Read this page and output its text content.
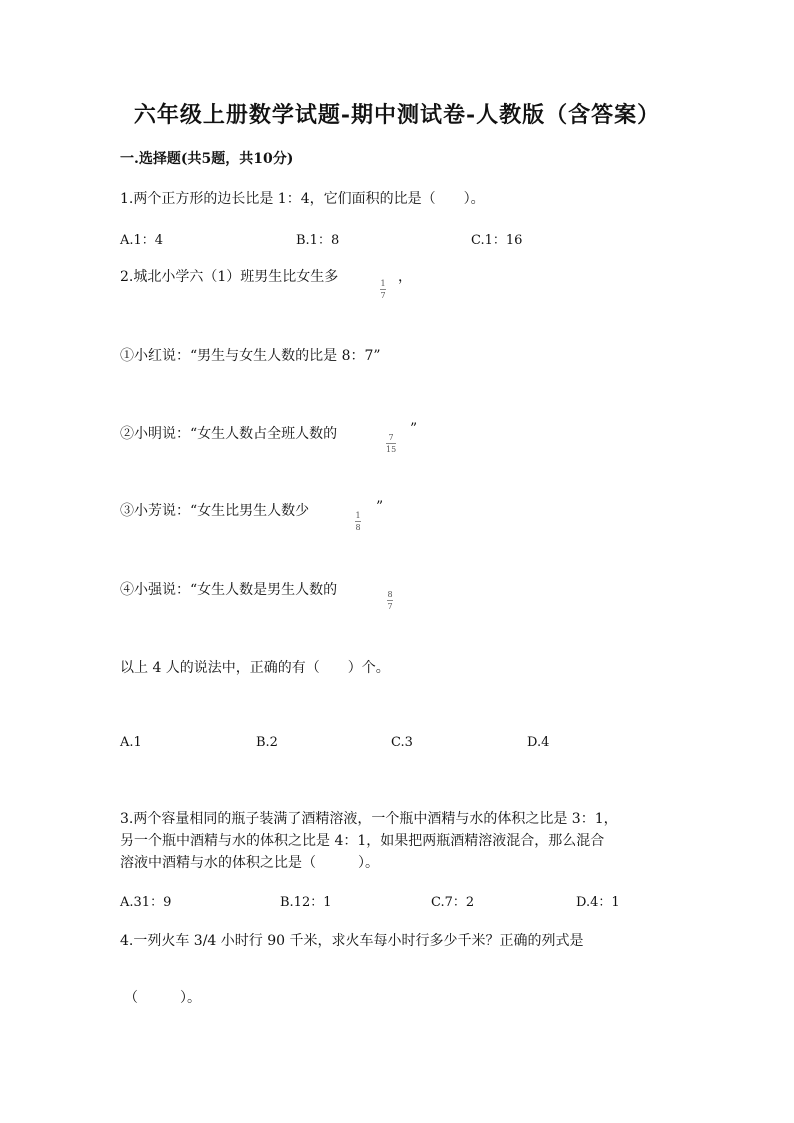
六年级上册数学试题-期中测试卷-人教版（含答案）
一.选择题(共5题，共10分)
1.两个正方形的边长比是 1：4，它们面积的比是（　　）。
A.1：4	B.1：8	C.1：16
2.城北小学六（1）班男生比女生多	1
7
，
①小红说：“男生与女生人数的比是 8：7”
②小明说：“女生人数占全班人数的	7
15
”
③小芳说：“女生比男生人数少	1
8
”
④小强说：“女生人数是男生人数的	8
7
以上 4 人的说法中，正确的有（　　）个。
A.1	B.2	C.3	D.4
3.两个容量相同的瓶子装满了酒精溶液，一个瓶中酒精与水的体积之比是 3：1，
另一个瓶中酒精与水的体积之比是 4：1，如果把两瓶酒精溶液混合，那么混合
溶液中酒精与水的体积之比是（　　　）。
A.31：9	B.12：1	C.7：2	D.4：1
4.一列火车 3/4 小时行 90 千米，求火车每小时行多少千米？正确的列式是
（　　　）。
